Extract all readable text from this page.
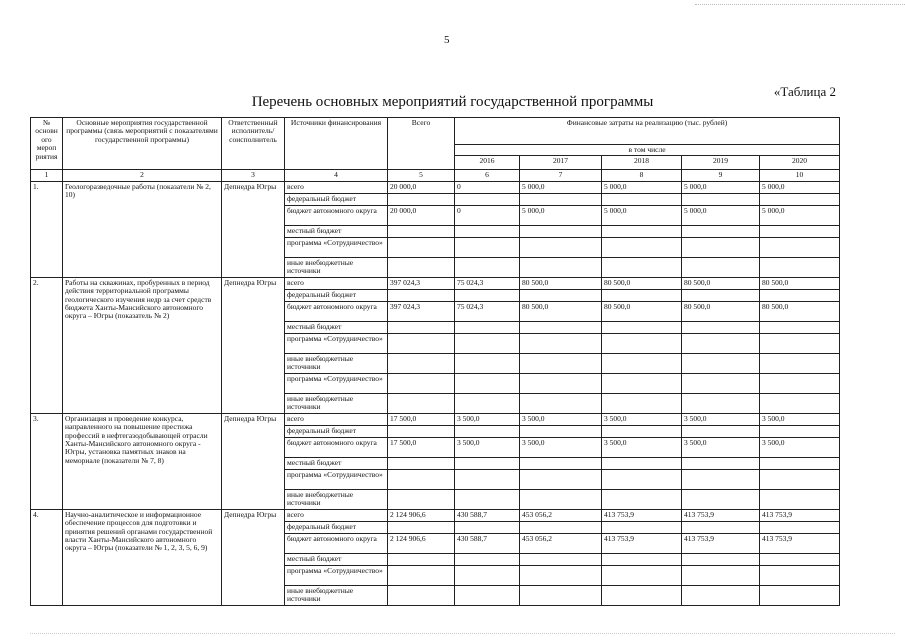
5
«Таблица 2
Перечень основных мероприятий государственной программы
№ основн ого мероп риятия	Основные мероприятия государственной программы (связь мероприятий с показателями государственной программы)	Ответственный исполнитель/ соисполнитель	Источники финансирования	Всего	Финансовые затраты на реализацию (тыс. рублей)				
					в том числе				
					2016	2017	2018	2019	2020
1	2	3	4	5	6	7	8	9	10
1.	Геологоразведочные работы (показатели № 2, 10)	Депнедра Югры	всего	20 000,0	0	5 000,0	5 000,0	5 000,0	5 000,0
			федеральный бюджет						
			бюджет автономного округа	20 000,0	0	5 000,0	5 000,0	5 000,0	5 000,0
			местный бюджет						
			программа «Сотрудничество»						
			иные внебюджетные источники						
2.	Работы на скважинах, пробуренных в период действия территориальной программы геологического изучения недр за счет средств бюджета Ханты-Мансийского автономного округа – Югры (показатель № 2)	Депнедра Югры	всего	397 024,3	75 024,3	80 500,0	80 500,0	80 500,0	80 500,0
			федеральный бюджет						
			бюджет автономного округа	397 024,3	75 024,3	80 500,0	80 500,0	80 500,0	80 500,0
			местный бюджет						
			программа «Сотрудничество»						
			иные внебюджетные источники						
			программа «Сотрудничество»						
			иные внебюджетные источники						
3.	Организация и проведение конкурса, направленного на повышение престижа профессий в нефтегазодобывающей отрасли Ханты-Мансийского автономного округа - Югры, установка памятных знаков на мемориале (показатели № 7, 8)	Депнедра Югры	всего	17 500,0	3 500,0	3 500,0	3 500,0	3 500,0	3 500,0
			федеральный бюджет						
			бюджет автономного округа	17 500,0	3 500,0	3 500,0	3 500,0	3 500,0	3 500,0
			местный бюджет						
			программа «Сотрудничество»						
			иные внебюджетные источники						
4.	Научно-аналитическое и информационное обеспечение процессов для подготовки и принятия решений органами государственной власти Ханты-Мансийского автономного округа – Югры (показатели № 1, 2, 3, 5, 6, 9)	Депнедра Югры	всего	2 124 906,6	430 588,7	453 056,2	413 753,9	413 753,9	413 753,9
			федеральный бюджет						
			бюджет автономного округа	2 124 906,6	430 588,7	453 056,2	413 753,9	413 753,9	413 753,9
			местный бюджет						
			программа «Сотрудничество»						
			иные внебюджетные источники						
